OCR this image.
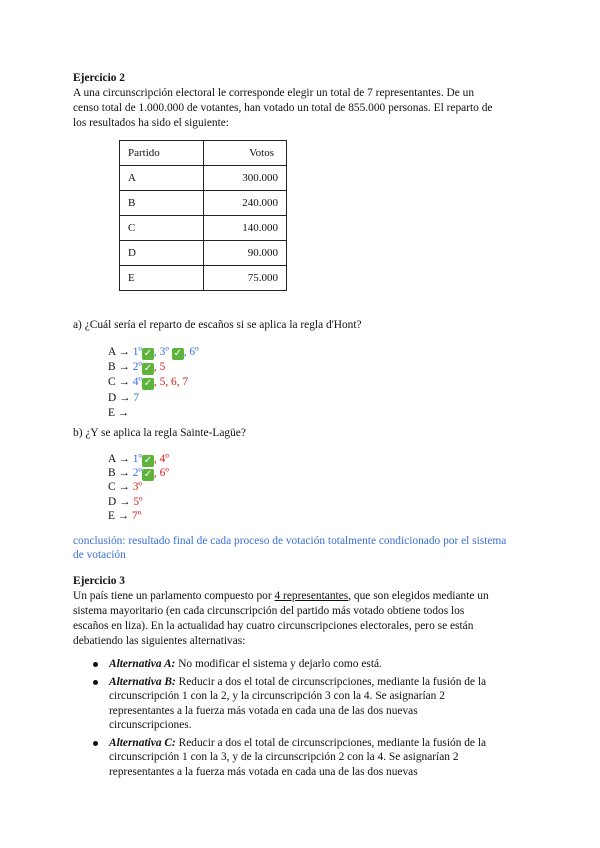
Ejercicio 2
A una circunscripción electoral le corresponde elegir un total de 7 representantes. De un
censo total de 1.000.000 de votantes, han votado un total de 855.000 personas. El reparto de
los resultados ha sido el siguiente:
Partido	Votos
A	300.000
B	240.000
C	140.000
D	90.000
E	75.000
a) ¿Cuál sería el reparto de escaños si se aplica la regla d'Hont?
A → 1º ✓ , 3º ✓ , 6º
B → 2º ✓ , 5
C → 4º ✓ , 5, 6, 7
D → 7
E →
b) ¿Y se aplica la regla Sainte-Lagüe?
A → 1º ✓ , 4º
B → 2º ✓ , 6º
C → 3º
D → 5º
E → 7º
conclusión: resultado final de cada proceso de votación totalmente condicionado por el sistema
de votación
Ejercicio 3
Un país tiene un parlamento compuesto por 4 representantes, que son elegidos mediante un
sistema mayoritario (en cada circunscripción del partido más votado obtiene todos los
escaños en liza). En la actualidad hay cuatro circunscripciones electorales, pero se están
debatiendo las siguientes alternativas:
Alternativa A: No modificar el sistema y dejarlo como está.
Alternativa B: Reducir a dos el total de circunscripciones, mediante la fusión de la
circunscripción 1 con la 2, y la circunscripción 3 con la 4. Se asignarían 2
representantes a la fuerza más votada en cada una de las dos nuevas
circunscripciones.
Alternativa C: Reducir a dos el total de circunscripciones, mediante la fusión de la
circunscripción 1 con la 3, y de la circunscripción 2 con la 4. Se asignarían 2
representantes a la fuerza más votada en cada una de las dos nuevas
